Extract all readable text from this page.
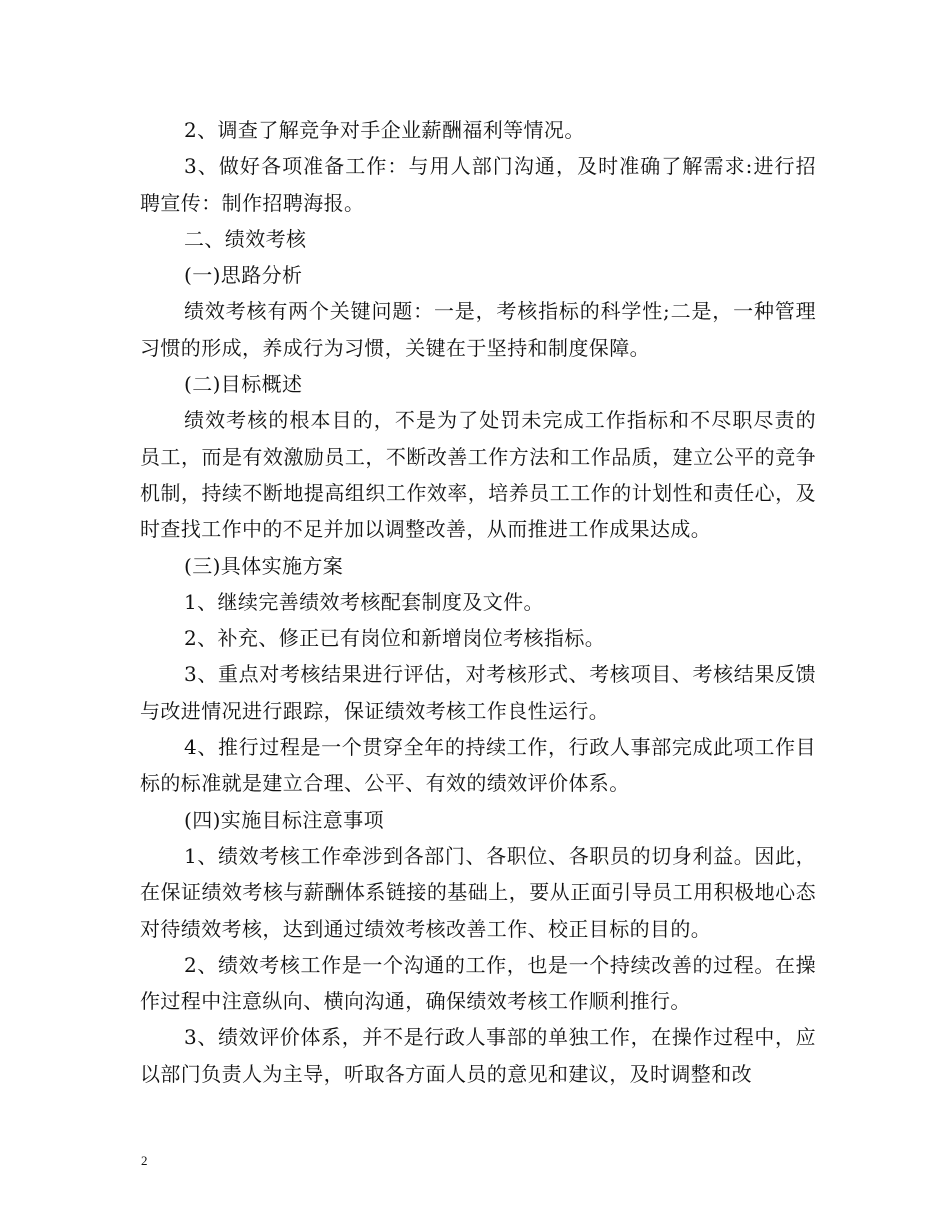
2、调查了解竞争对手企业薪酬福利等情况。

3、做好各项准备工作：与用人部门沟通，及时准确了解需求:进行招聘宣传：制作招聘海报。

二、绩效考核

(一)思路分析

绩效考核有两个关键问题：一是，考核指标的科学性;二是，一种管理习惯的形成，养成行为习惯，关键在于坚持和制度保障。

(二)目标概述

绩效考核的根本目的，不是为了处罚未完成工作指标和不尽职尽责的员工，而是有效激励员工，不断改善工作方法和工作品质，建立公平的竞争机制，持续不断地提高组织工作效率，培养员工工作的计划性和责任心，及时查找工作中的不足并加以调整改善，从而推进工作成果达成。

(三)具体实施方案

1、继续完善绩效考核配套制度及文件。

2、补充、修正已有岗位和新增岗位考核指标。

3、重点对考核结果进行评估，对考核形式、考核项目、考核结果反馈与改进情况进行跟踪，保证绩效考核工作良性运行。

4、推行过程是一个贯穿全年的持续工作，行政人事部完成此项工作目标的标准就是建立合理、公平、有效的绩效评价体系。

(四)实施目标注意事项

1、绩效考核工作牵涉到各部门、各职位、各职员的切身利益。因此，在保证绩效考核与薪酬体系链接的基础上，要从正面引导员工用积极地心态对待绩效考核，达到通过绩效考核改善工作、校正目标的目的。

2、绩效考核工作是一个沟通的工作，也是一个持续改善的过程。在操作过程中注意纵向、横向沟通，确保绩效考核工作顺利推行。

3、绩效评价体系，并不是行政人事部的单独工作，在操作过程中，应以部门负责人为主导，听取各方面人员的意见和建议，及时调整和改

2
